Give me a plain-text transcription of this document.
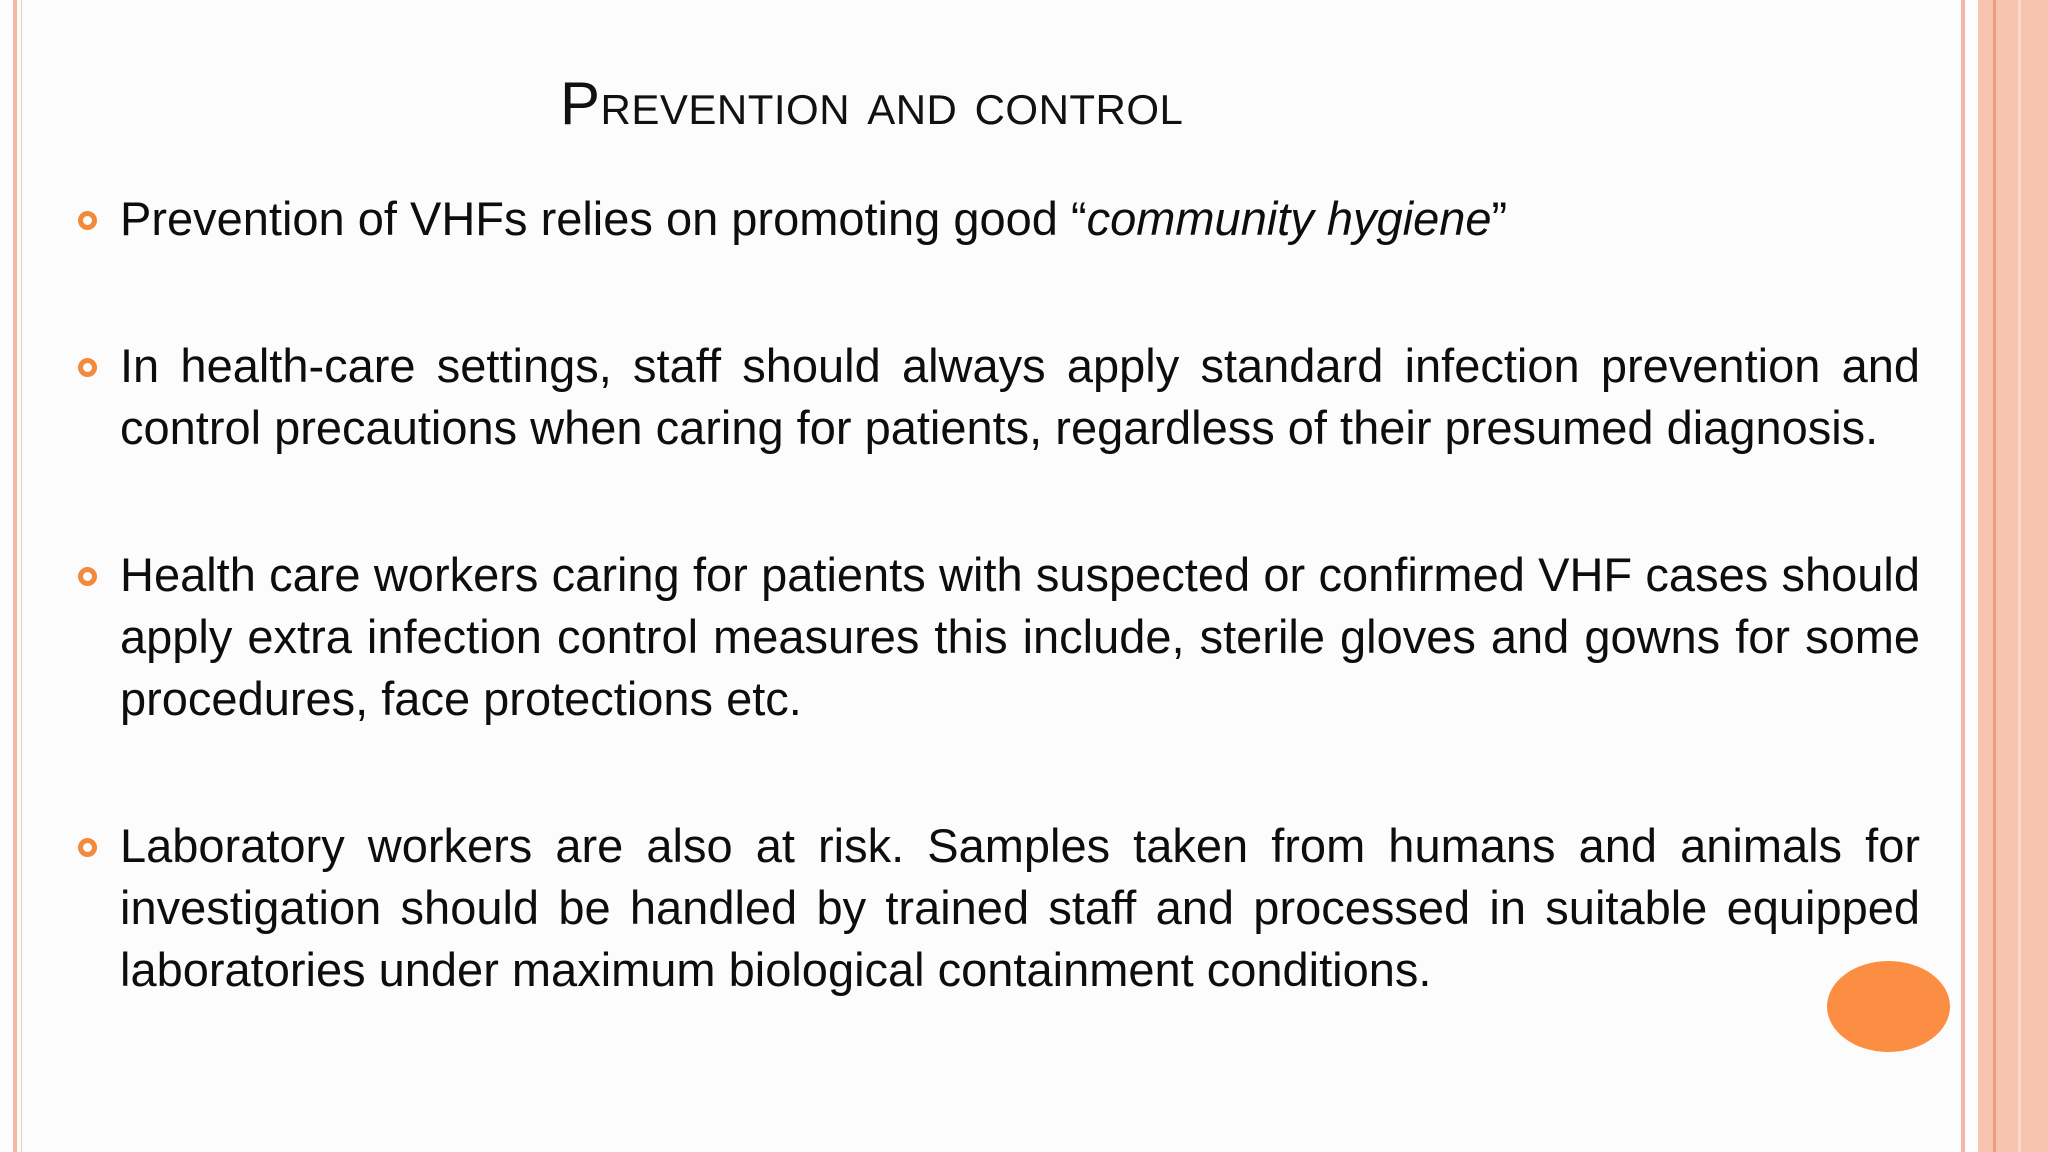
Prevention and control
Prevention of VHFs relies on promoting good “community hygiene”
In health-care settings, staff should always apply standard infection prevention and control precautions when caring for patients, regardless of their presumed diagnosis.
Health care workers caring for patients with suspected or confirmed VHF cases should apply extra infection control measures this include, sterile gloves and gowns for some procedures, face protections etc.
Laboratory workers are also at risk. Samples taken from humans and animals for investigation should be handled by trained staff and processed in suitable equipped laboratories under maximum biological containment conditions.
